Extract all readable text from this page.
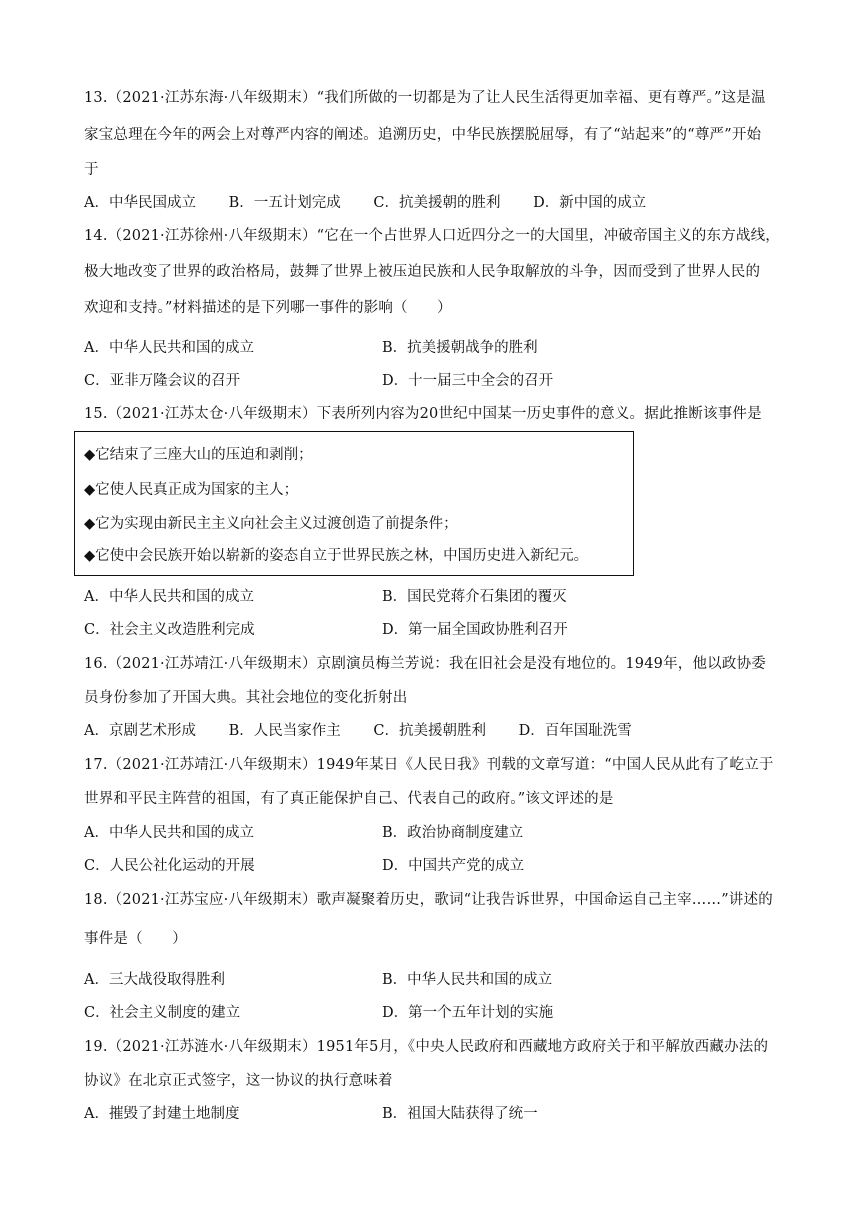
13.（2021·江苏东海·八年级期末）“我们所做的一切都是为了让人民生活得更加幸福、更有尊严。”这是温
家宝总理在今年的两会上对尊严内容的阐述。追溯历史，中华民族摆脱屈辱，有了“站起来”的“尊严”开始
于
A．中华民国成立 B．一五计划完成 C．抗美援朝的胜利 D．新中国的成立
14.（2021·江苏徐州·八年级期末）“它在一个占世界人口近四分之一的大国里，冲破帝国主义的东方战线，
极大地改变了世界的政治格局，鼓舞了世界上被压迫民族和人民争取解放的斗争，因而受到了世界人民的
欢迎和支持。”材料描述的是下列哪一事件的影响（　　）
A．中华人民共和国的成立	B．抗美援朝战争的胜利
C．亚非万隆会议的召开	D．十一届三中全会的召开
15.（2021·江苏太仓·八年级期末）下表所列内容为20世纪中国某一历史事件的意义。据此推断该事件是
◆它结束了三座大山的压迫和剥削；
◆它使人民真正成为国家的主人；
◆它为实现由新民主主义向社会主义过渡创造了前提条件；
◆它使中会民族开始以崭新的姿态自立于世界民族之林，中国历史进入新纪元。
A．中华人民共和国的成立	B．国民党蒋介石集团的覆灭
C．社会主义改造胜利完成	D．第一届全国政协胜利召开
16.（2021·江苏靖江·八年级期末）京剧演员梅兰芳说：我在旧社会是没有地位的。1949年，他以政协委
员身份参加了开国大典。其社会地位的变化折射出
A．京剧艺术形成 B．人民当家作主 C．抗美援朝胜利 D．百年国耻洗雪
17.（2021·江苏靖江·八年级期末）1949年某日《人民日我》刊载的文章写道：“中国人民从此有了屹立于
世界和平民主阵营的祖国，有了真正能保护自己、代表自己的政府。”该文评述的是
A．中华人民共和国的成立	B．政治协商制度建立
C．人民公社化运动的开展	D．中国共产党的成立
18.（2021·江苏宝应·八年级期末）歌声凝聚着历史，歌词“让我告诉世界，中国命运自己主宰……”讲述的
事件是（　　）
A．三大战役取得胜利	B．中华人民共和国的成立
C．社会主义制度的建立	D．第一个五年计划的实施
19.（2021·江苏涟水·八年级期末）1951年5月，《中央人民政府和西藏地方政府关于和平解放西藏办法的
协议》在北京正式签字，这一协议的执行意味着
A．摧毁了封建土地制度	B．祖国大陆获得了统一
